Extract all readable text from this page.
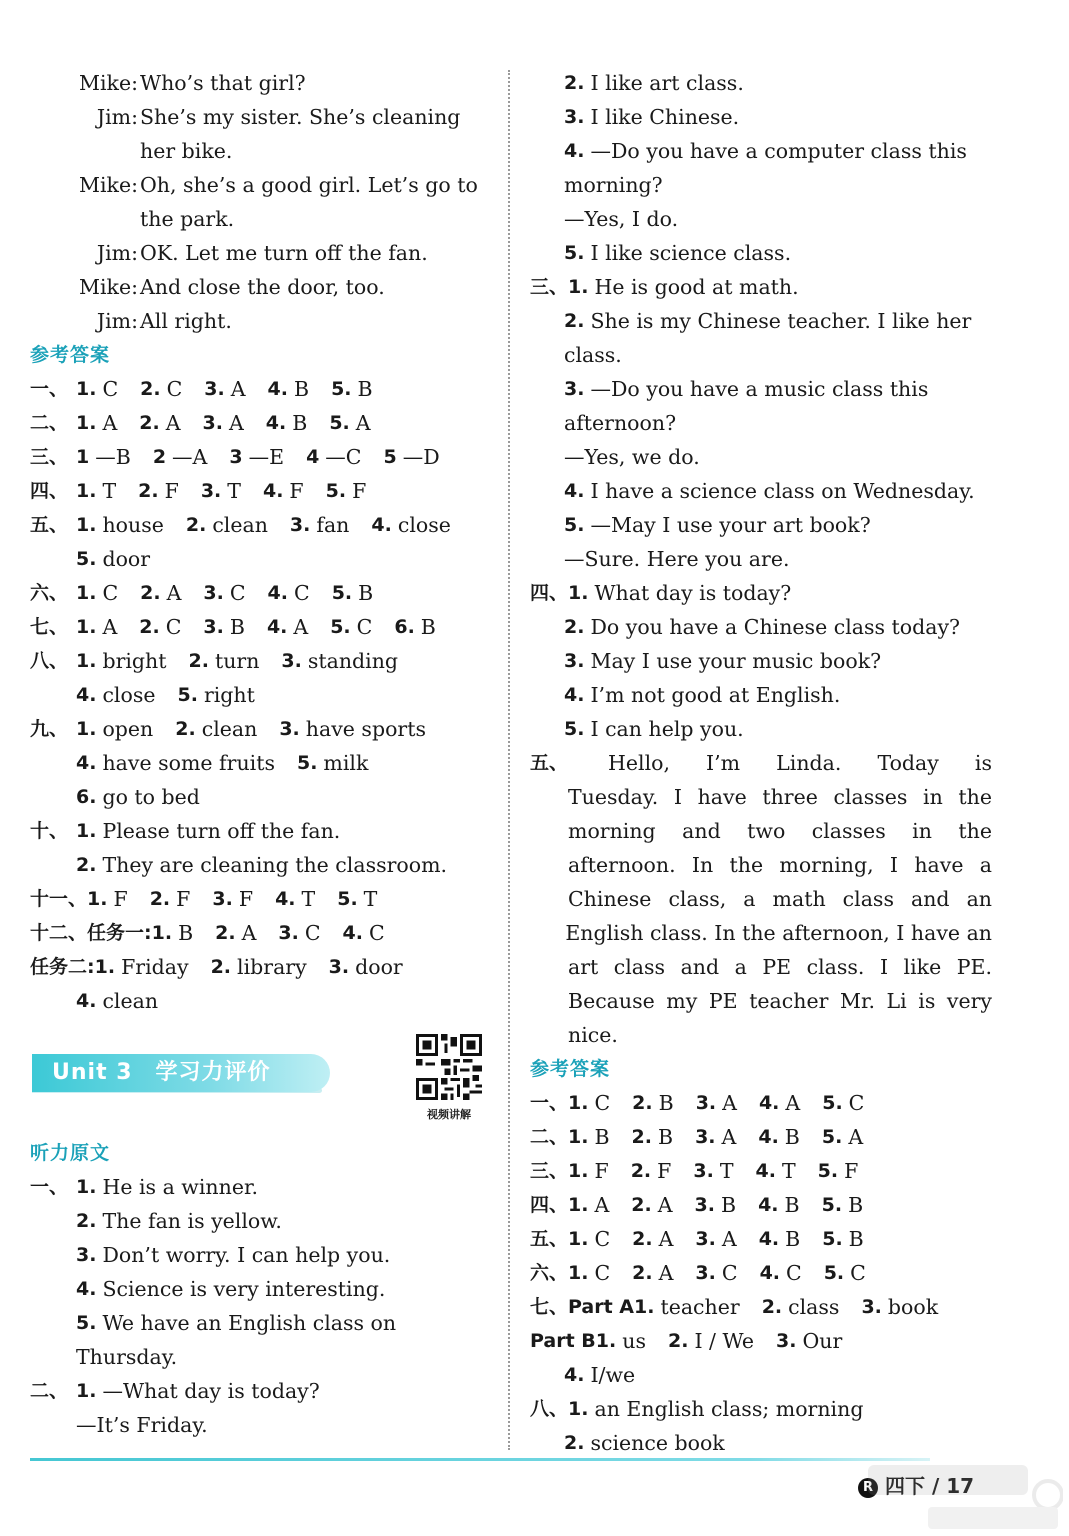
Mike: Who’s that girl?
Jim: She’s my sister. She’s cleaning
her bike.
Mike: Oh, she’s a good girl. Let’s go to
the park.
Jim: OK. Let me turn off the fan.
Mike: And close the door, too.
Jim: All right.
参考答案
一、 1. C 2. C 3. A 4. B 5. B
二、 1. A 2. A 3. A 4. B 5. A
三、 1 —B 2 —A 3 —E 4 —C 5 —D
四、 1. T 2. F 3. T 4. F 5. F
五、 1. house 2. clean 3. fan 4. close
5. door
六、 1. C 2. A 3. C 4. C 5. B
七、 1. A 2. C 3. B 4. A 5. C 6. B
八、 1. bright 2. turn 3. standing
4. close 5. right
九、 1. open 2. clean 3. have sports
4. have some fruits 5. milk
6. go to bed
十、 1. Please turn off the fan.
2. They are cleaning the classroom.
十一、 1. F 2. F 3. F 4. T 5. T
十二、任务一: 1. B 2. A 3. C 4. C
任务二: 1. Friday 2. library 3. door
4. clean
Unit 3　学习力评价
视频讲解
听力原文
一、 1. He is a winner.
2. The fan is yellow.
3. Don’t worry. I can help you.
4. Science is very interesting.
5. We have an English class on
Thursday.
二、 1. —What day is today?
—It’s Friday.
2. I like art class.
3. I like Chinese.
4. —Do you have a computer class this
morning?
—Yes, I do.
5. I like science class.
三、 1. He is good at math.
2. She is my Chinese teacher. I like her
class.
3. —Do you have a music class this
afternoon?
—Yes, we do.
4. I have a science class on Wednesday.
5. —May I use your art book?
—Sure. Here you are.
四、 1. What day is today?
2. Do you have a Chinese class today?
3. May I use your music book?
4. I’m not good at English.
5. I can help you.
五、	Hello, I’m Linda. Today is
Tuesday. I have three classes in the
morning and two classes in the
afternoon. In the morning, I have a
Chinese class, a math class and an
English class. In the afternoon, I have an
art class and a PE class. I like PE.
Because my PE teacher Mr. Li is very
nice.
参考答案
一、 1. C 2. B 3. A 4. A 5. C
二、 1. B 2. B 3. A 4. B 5. A
三、 1. F 2. F 3. T 4. T 5. F
四、 1. A 2. A 3. B 4. B 5. B
五、 1. C 2. A 3. A 4. B 5. B
六、 1. C 2. A 3. C 4. C 5. C
七、Part A 1. teacher 2. class 3. book
Part B 1. us 2. I / We 3. Our
4. I/we
八、 1. an English class; morning
2. science book
R 四下 / 17
